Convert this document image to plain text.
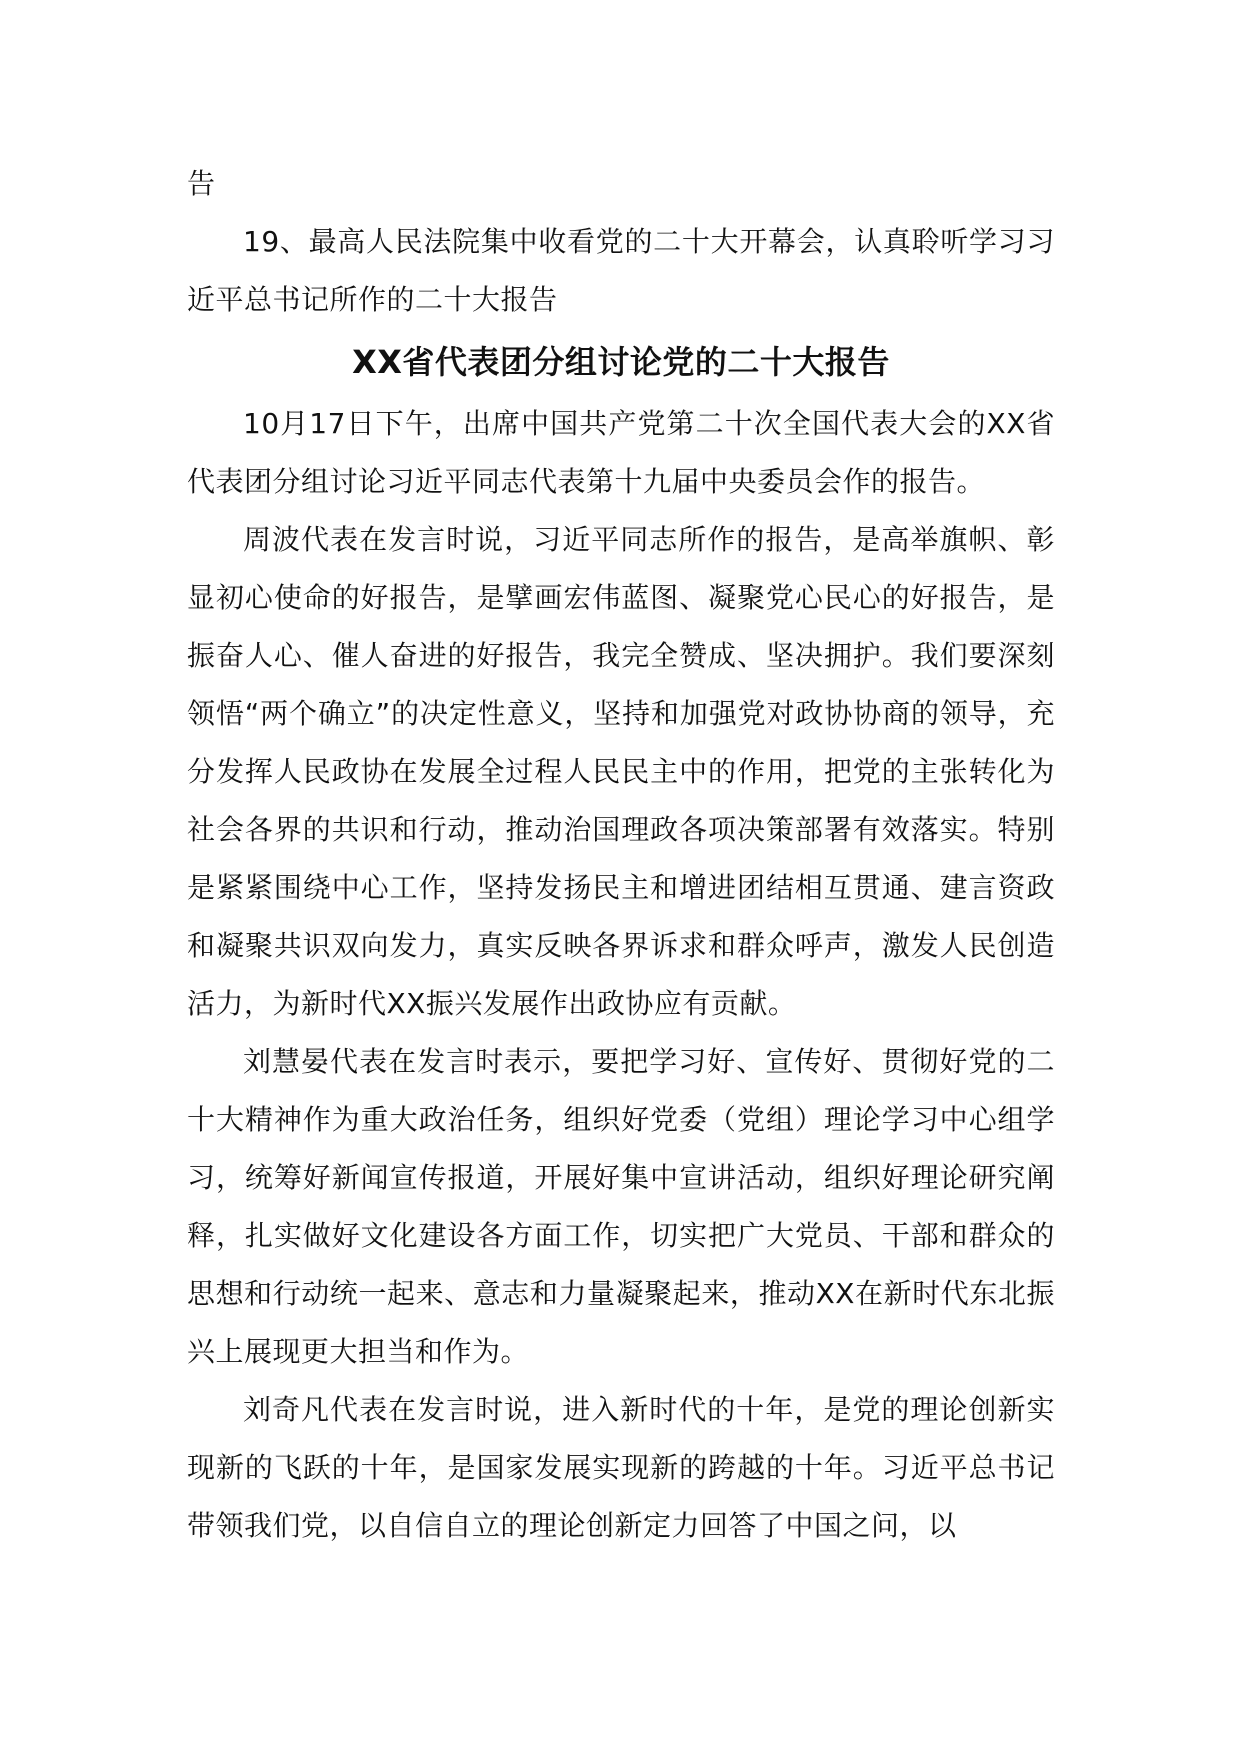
告

19、最高人民法院集中收看党的二十大开幕会，认真聆听学习习近平总书记所作的二十大报告

XX省代表团分组讨论党的二十大报告

10月17日下午，出席中国共产党第二十次全国代表大会的XX省代表团分组讨论习近平同志代表第十九届中央委员会作的报告。

周波代表在发言时说，习近平同志所作的报告，是高举旗帜、彰显初心使命的好报告，是擘画宏伟蓝图、凝聚党心民心的好报告，是振奋人心、催人奋进的好报告，我完全赞成、坚决拥护。我们要深刻领悟“两个确立”的决定性意义，坚持和加强党对政协协商的领导，充分发挥人民政协在发展全过程人民民主中的作用，把党的主张转化为社会各界的共识和行动，推动治国理政各项决策部署有效落实。特别是紧紧围绕中心工作，坚持发扬民主和增进团结相互贯通、建言资政和凝聚共识双向发力，真实反映各界诉求和群众呼声，激发人民创造活力，为新时代XX振兴发展作出政协应有贡献。

刘慧晏代表在发言时表示，要把学习好、宣传好、贯彻好党的二十大精神作为重大政治任务，组织好党委（党组）理论学习中心组学习，统筹好新闻宣传报道，开展好集中宣讲活动，组织好理论研究阐释，扎实做好文化建设各方面工作，切实把广大党员、干部和群众的思想和行动统一起来、意志和力量凝聚起来，推动XX在新时代东北振兴上展现更大担当和作为。

刘奇凡代表在发言时说，进入新时代的十年，是党的理论创新实现新的飞跃的十年，是国家发展实现新的跨越的十年。习近平总书记带领我们党，以自信自立的理论创新定力回答了中国之问，以
